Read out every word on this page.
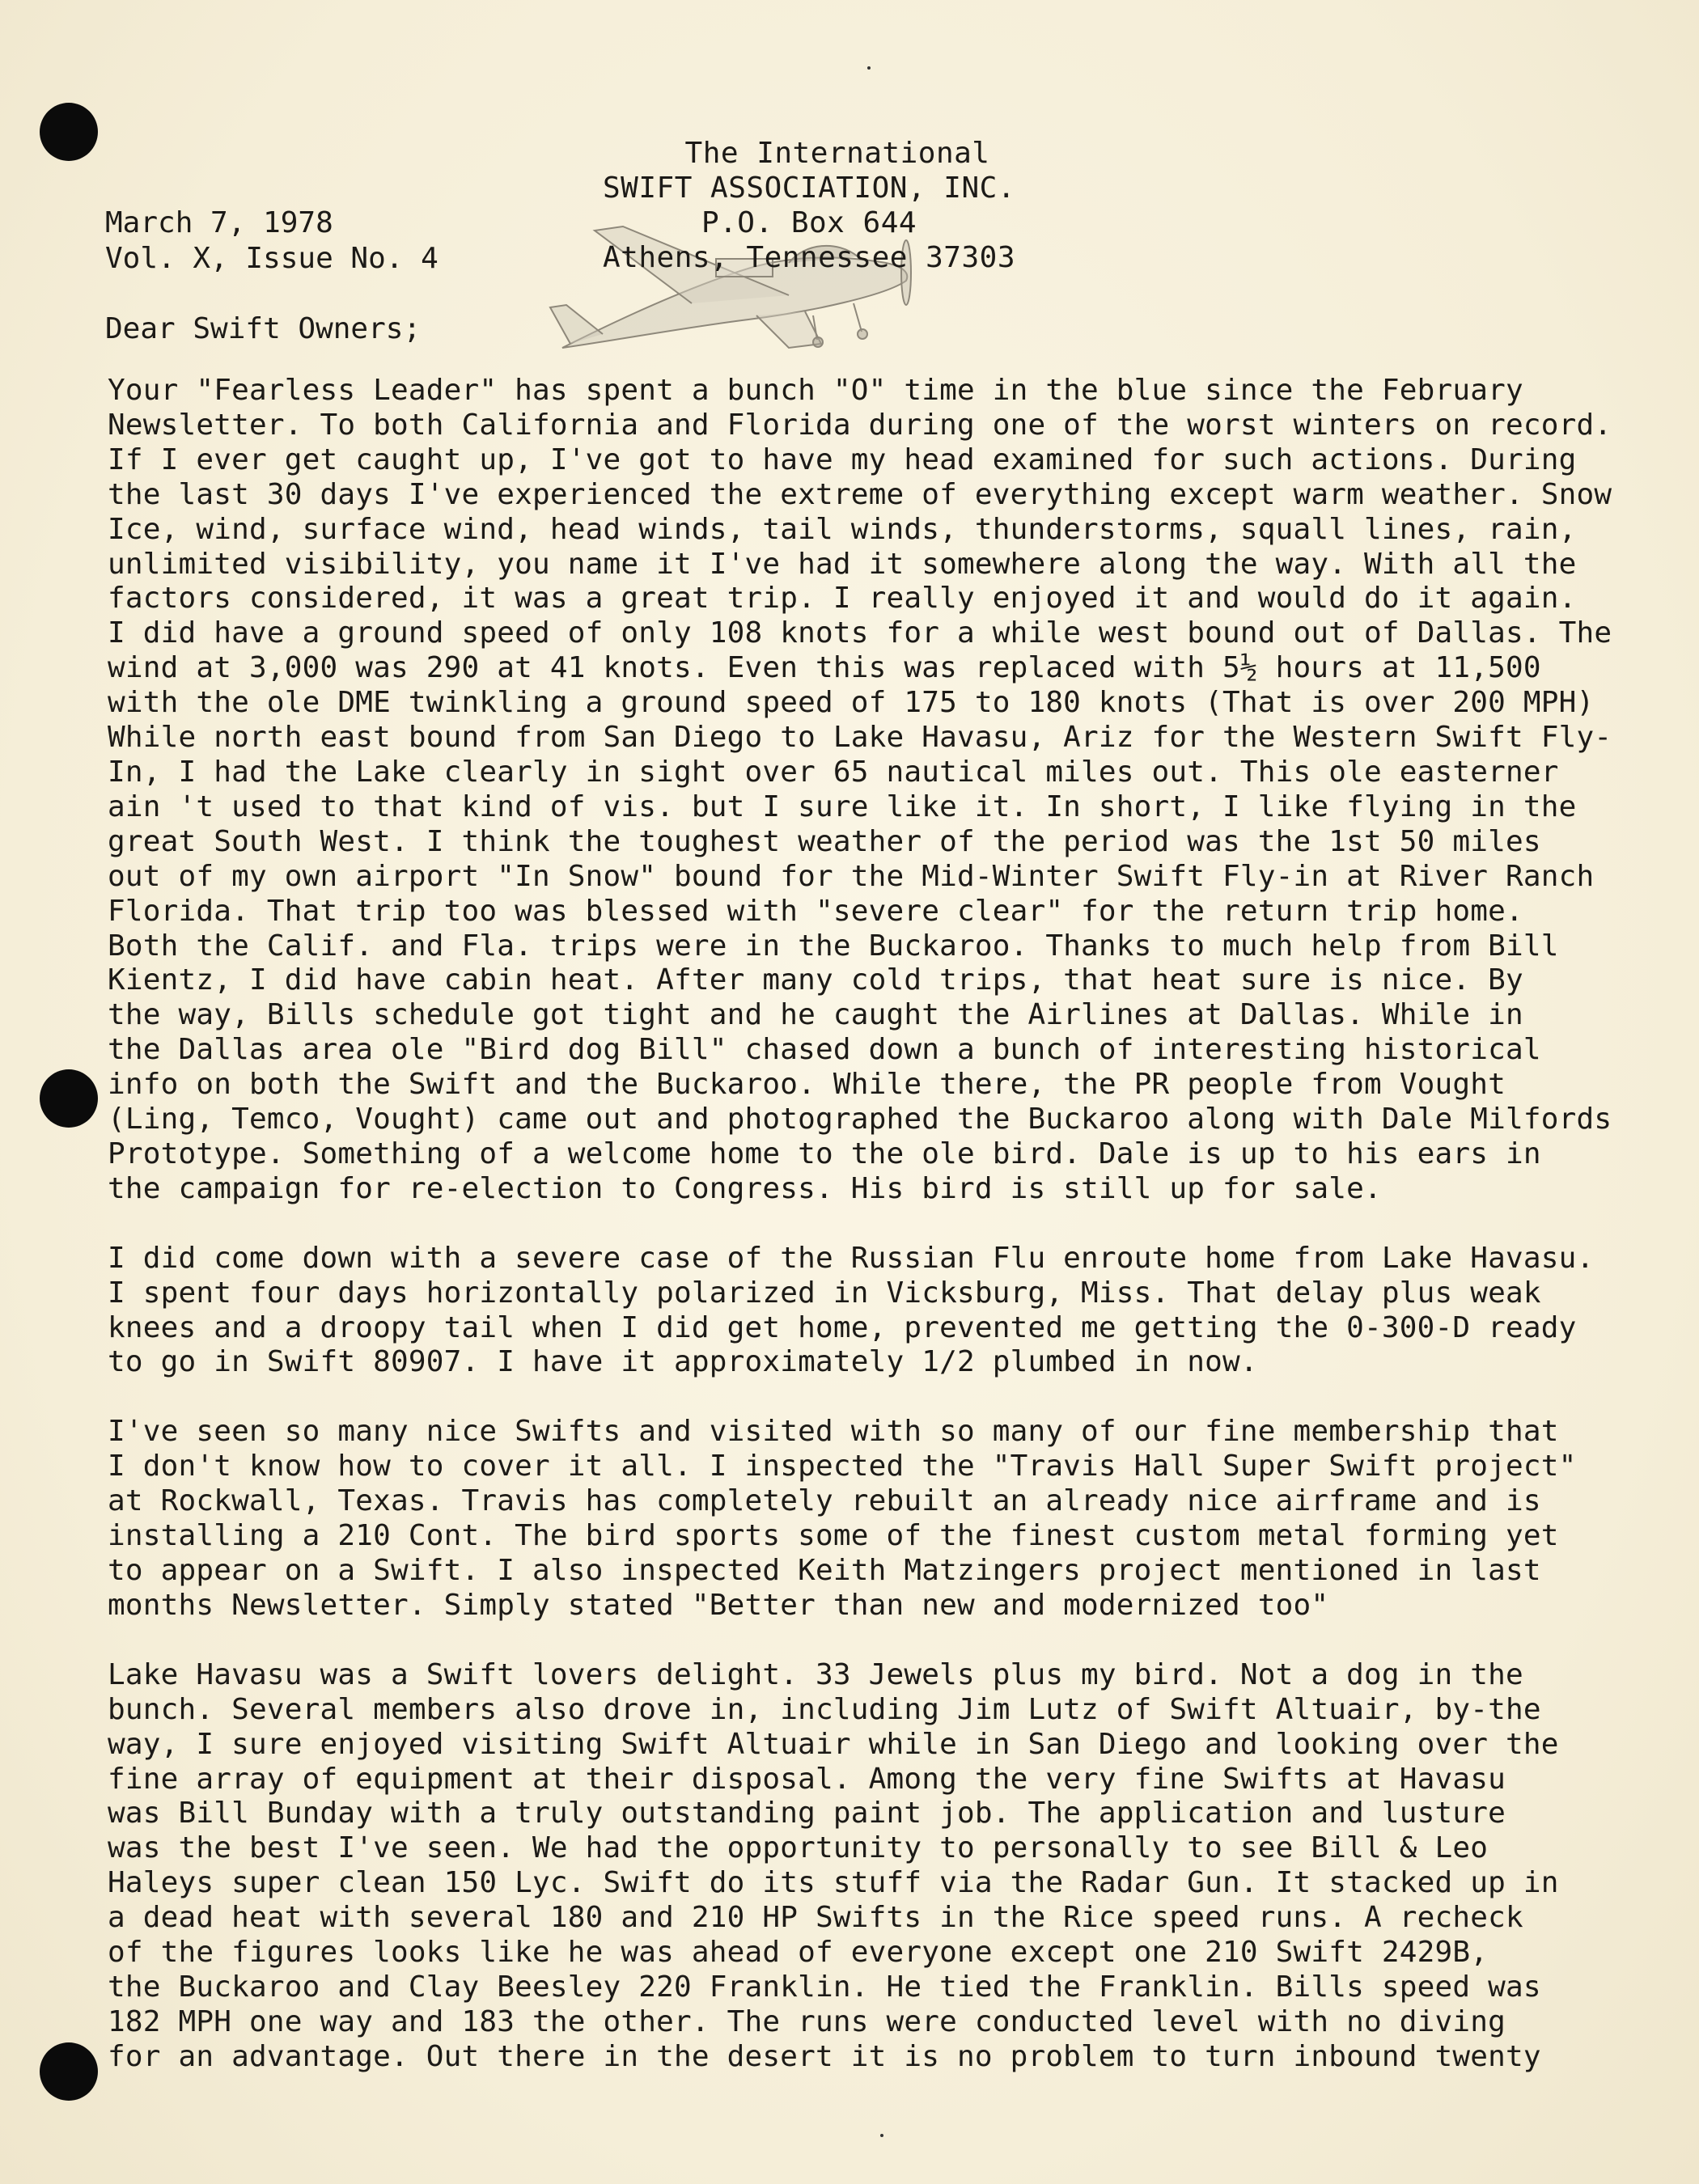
The International
SWIFT ASSOCIATION, INC.
P.O. Box 644
Athens, Tennessee 37303
March 7, 1978
Vol. X, Issue No. 4
Dear Swift Owners;
Your "Fearless Leader" has spent a bunch "O" time in the blue since the February
Newsletter. To both California and Florida during one of the worst winters on record.
If I ever get caught up, I've got to have my head examined for such actions. During
the last 30 days I've experienced the extreme of everything except warm weather. Snow
Ice, wind, surface wind, head winds, tail winds, thunderstorms, squall lines, rain,
unlimited visibility, you name it I've had it somewhere along the way. With all the
factors considered, it was a great trip. I really enjoyed it and would do it again.
I did have a ground speed of only 108 knots for a while west bound out of Dallas. The
wind at 3,000 was 290 at 41 knots. Even this was replaced with 5½ hours at 11,500
with the ole DME twinkling a ground speed of 175 to 180 knots (That is over 200 MPH)
While north east bound from San Diego to Lake Havasu, Ariz for the Western Swift Fly-
In, I had the Lake clearly in sight over 65 nautical miles out. This ole easterner
ain 't used to that kind of vis. but I sure like it. In short, I like flying in the
great South West. I think the toughest weather of the period was the 1st 50 miles
out of my own airport "In Snow" bound for the Mid-Winter Swift Fly-in at River Ranch
Florida. That trip too was blessed with "severe clear" for the return trip home.
Both the Calif. and Fla. trips were in the Buckaroo. Thanks to much help from Bill
Kientz, I did have cabin heat. After many cold trips, that heat sure is nice. By
the way, Bills schedule got tight and he caught the Airlines at Dallas. While in
the Dallas area ole "Bird dog Bill" chased down a bunch of interesting historical
info on both the Swift and the Buckaroo. While there, the PR people from Vought
(Ling, Temco, Vought) came out and photographed the Buckaroo along with Dale Milfords
Prototype. Something of a welcome home to the ole bird. Dale is up to his ears in
the campaign for re-election to Congress. His bird is still up for sale.
I did come down with a severe case of the Russian Flu enroute home from Lake Havasu.
I spent four days horizontally polarized in Vicksburg, Miss. That delay plus weak
knees and a droopy tail when I did get home, prevented me getting the 0-300-D ready
to go in Swift 80907. I have it approximately 1/2 plumbed in now.
I've seen so many nice Swifts and visited with so many of our fine membership that
I don't know how to cover it all. I inspected the "Travis Hall Super Swift project"
at Rockwall, Texas. Travis has completely rebuilt an already nice airframe and is
installing a 210 Cont. The bird sports some of the finest custom metal forming yet
to appear on a Swift. I also inspected Keith Matzingers project mentioned in last
months Newsletter. Simply stated "Better than new and modernized too"
Lake Havasu was a Swift lovers delight. 33 Jewels plus my bird. Not a dog in the
bunch. Several members also drove in, including Jim Lutz of Swift Altuair, by-the
way, I sure enjoyed visiting Swift Altuair while in San Diego and looking over the
fine array of equipment at their disposal. Among the very fine Swifts at Havasu
was Bill Bunday with a truly outstanding paint job. The application and lusture
was the best I've seen. We had the opportunity to personally to see Bill & Leo
Haleys super clean 150 Lyc. Swift do its stuff via the Radar Gun. It stacked up in
a dead heat with several 180 and 210 HP Swifts in the Rice speed runs. A recheck
of the figures looks like he was ahead of everyone except one 210 Swift 2429B,
the Buckaroo and Clay Beesley 220 Franklin. He tied the Franklin. Bills speed was
182 MPH one way and 183 the other. The runs were conducted level with no diving
for an advantage. Out there in the desert it is no problem to turn inbound twenty
